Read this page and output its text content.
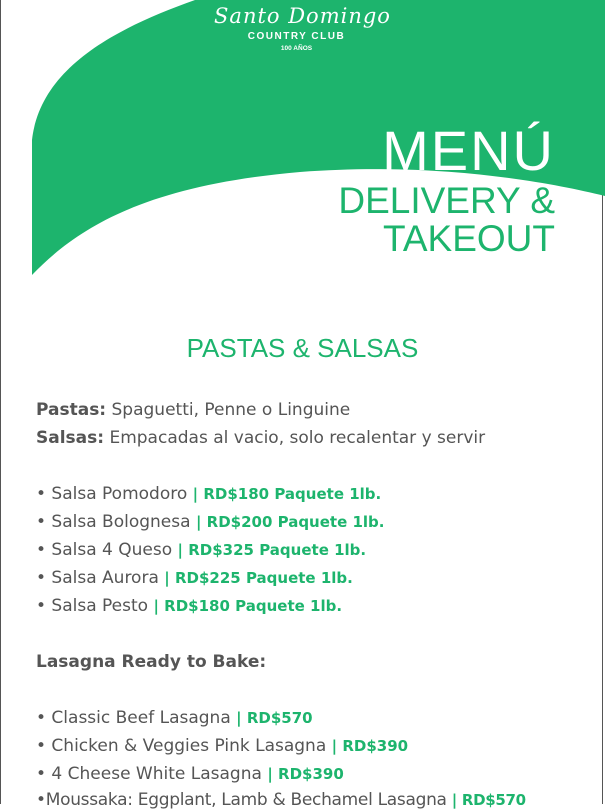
Santo Domingo
COUNTRY CLUB
100 AÑOS
MENÚ
DELIVERY &
TAKEOUT
PASTAS & SALSAS
Pastas: Spaguetti, Penne o Linguine
Salsas: Empacadas al vacio, solo recalentar y servir
• Salsa Pomodoro | RD$180 Paquete 1lb.
• Salsa Bolognesa | RD$200 Paquete 1lb.
• Salsa 4 Queso | RD$325 Paquete 1lb.
• Salsa Aurora | RD$225 Paquete 1lb.
• Salsa Pesto | RD$180 Paquete 1lb.
Lasagna Ready to Bake:
• Classic Beef Lasagna | RD$570
• Chicken & Veggies Pink Lasagna | RD$390
• 4 Cheese White Lasagna | RD$390
•Moussaka: Eggplant, Lamb & Bechamel Lasagna | RD$570
